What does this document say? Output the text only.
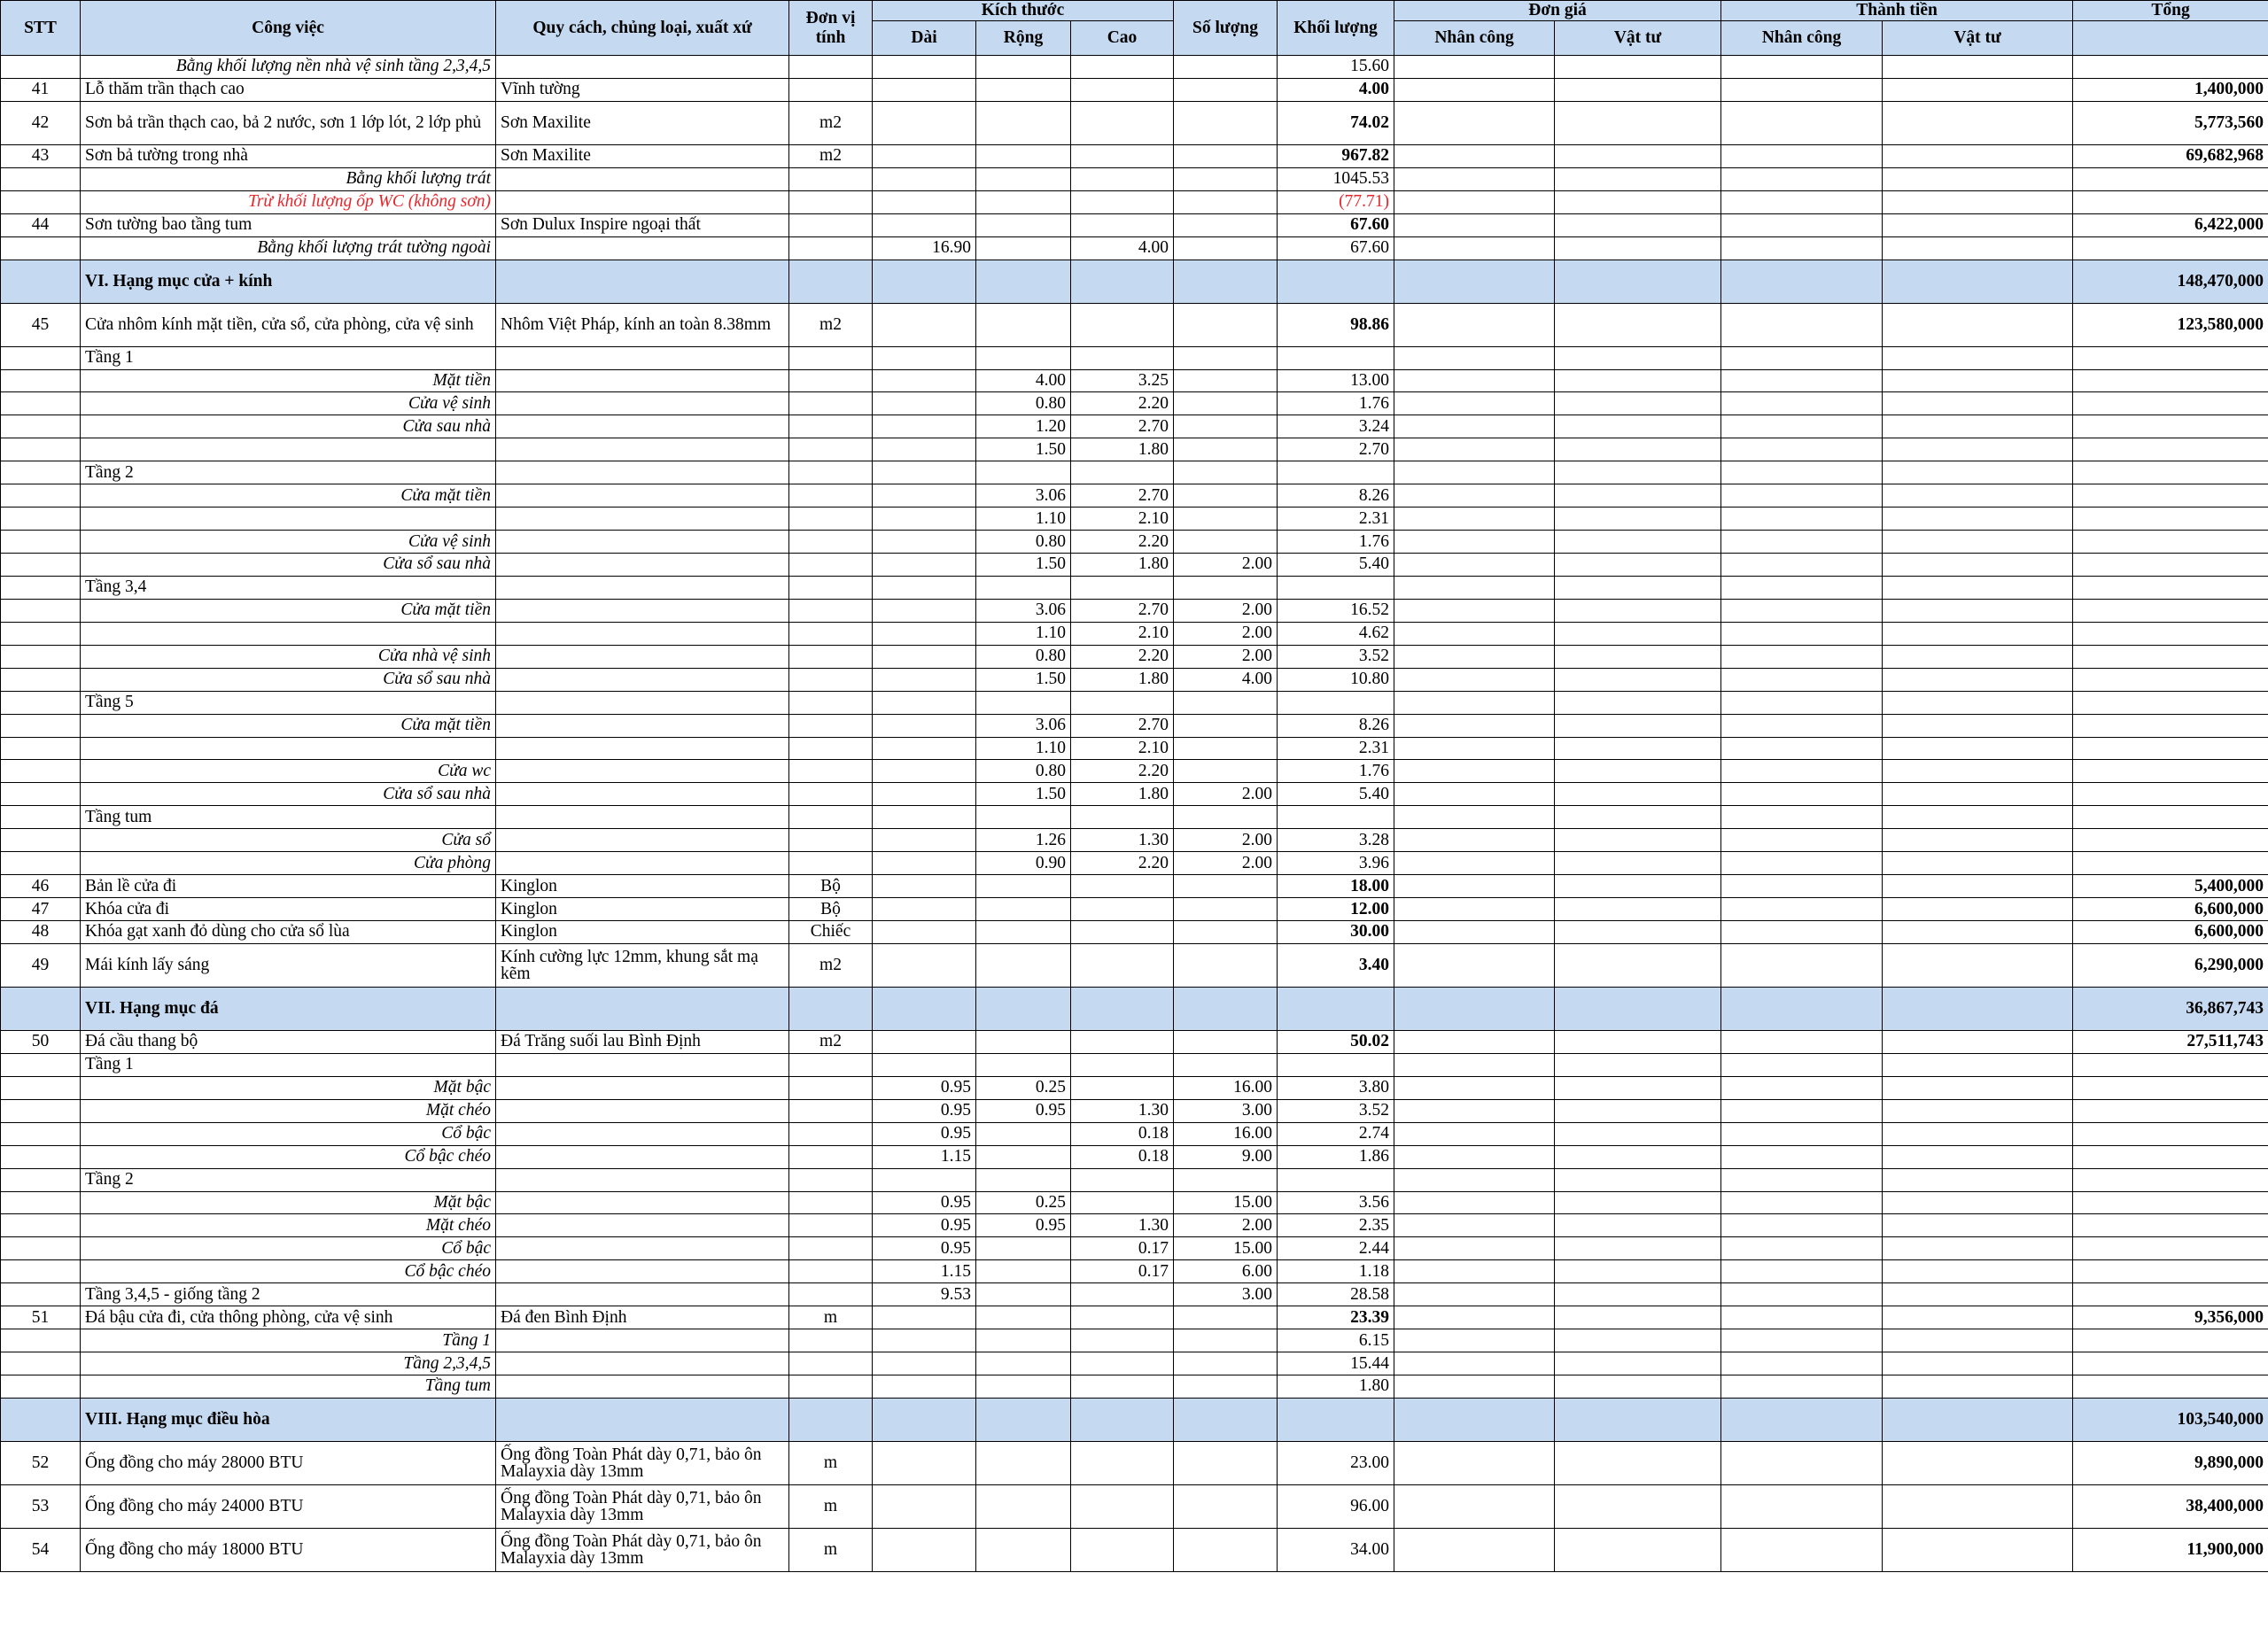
STT	Công việc	Quy cách, chủng loại, xuất xứ	Đơn vị tính	Kích thước			Số lượng	Khối lượng	Đơn giá		Thành tiền		Tổng
				Dài	Rộng	Cao			Nhân công	Vật tư	Nhân công	Vật tư	
	Bằng khối lượng nền nhà vệ sinh tầng 2,3,4,5							15.60					
41	Lỗ thăm trần thạch cao	Vĩnh tường						4.00					1,400,000
42	Sơn bả trần thạch cao, bả 2 nước, sơn 1 lớp lót, 2 lớp phủ	Sơn Maxilite	m2					74.02					5,773,560
43	Sơn bả tường trong nhà	Sơn Maxilite	m2					967.82					69,682,968
	Bằng khối lượng trát							1045.53					
	Trừ khối lượng ốp WC (không sơn)							(77.71)					
44	Sơn tường bao tầng tum	Sơn Dulux Inspire ngoại thất						67.60					6,422,000
	Bằng khối lượng trát tường ngoài			16.90		4.00		67.60					
	VI. Hạng mục cửa + kính												148,470,000
45	Cửa nhôm kính mặt tiền, cửa sổ, cửa phòng, cửa vệ sinh	Nhôm Việt Pháp, kính an toàn 8.38mm	m2					98.86					123,580,000
	Tầng 1												
	Mặt tiền				4.00	3.25		13.00					
	Cửa vệ sinh				0.80	2.20		1.76					
	Cửa sau nhà				1.20	2.70		3.24					
					1.50	1.80		2.70					
	Tầng 2												
	Cửa mặt tiền				3.06	2.70		8.26					
					1.10	2.10		2.31					
	Cửa vệ sinh				0.80	2.20		1.76					
	Cửa sổ sau nhà				1.50	1.80	2.00	5.40					
	Tầng 3,4												
	Cửa mặt tiền				3.06	2.70	2.00	16.52					
					1.10	2.10	2.00	4.62					
	Cửa nhà vệ sinh				0.80	2.20	2.00	3.52					
	Cửa sổ sau nhà				1.50	1.80	4.00	10.80					
	Tầng 5												
	Cửa mặt tiền				3.06	2.70		8.26					
					1.10	2.10		2.31					
	Cửa wc				0.80	2.20		1.76					
	Cửa sổ sau nhà				1.50	1.80	2.00	5.40					
	Tầng tum												
	Cửa sổ				1.26	1.30	2.00	3.28					
	Cửa phòng				0.90	2.20	2.00	3.96					
46	Bản lề cửa đi	Kinglon	Bộ					18.00					5,400,000
47	Khóa cửa đi	Kinglon	Bộ					12.00					6,600,000
48	Khóa gạt xanh đỏ dùng cho cửa sổ lùa	Kinglon	Chiếc					30.00					6,600,000
49	Mái kính lấy sáng	Kính cường lực 12mm, khung sắt mạ kẽm	m2					3.40					6,290,000
	VII. Hạng mục đá												36,867,743
50	Đá cầu thang bộ	Đá Trăng suối lau Bình Định	m2					50.02					27,511,743
	Tầng 1												
	Mặt bậc			0.95	0.25		16.00	3.80					
	Mặt chéo			0.95	0.95	1.30	3.00	3.52					
	Cổ bậc			0.95		0.18	16.00	2.74					
	Cổ bậc chéo			1.15		0.18	9.00	1.86					
	Tầng 2												
	Mặt bậc			0.95	0.25		15.00	3.56					
	Mặt chéo			0.95	0.95	1.30	2.00	2.35					
	Cổ bậc			0.95		0.17	15.00	2.44					
	Cổ bậc chéo			1.15		0.17	6.00	1.18					
	Tầng 3,4,5 - giống tầng 2			9.53			3.00	28.58					
51	Đá bậu cửa đi, cửa thông phòng, cửa vệ sinh	Đá đen Bình Định	m					23.39					9,356,000
	Tầng 1							6.15					
	Tầng 2,3,4,5							15.44					
	Tầng tum							1.80					
	VIII. Hạng mục điều hòa												103,540,000
52	Ống đồng cho máy 28000 BTU	Ống đồng Toàn Phát dày 0,71, bảo ôn Malayxia dày 13mm	m					23.00					9,890,000
53	Ống đồng cho máy 24000 BTU	Ống đồng Toàn Phát dày 0,71, bảo ôn Malayxia dày 13mm	m					96.00					38,400,000
54	Ống đồng cho máy 18000 BTU	Ống đồng Toàn Phát dày 0,71, bảo ôn Malayxia dày 13mm	m					34.00					11,900,000
